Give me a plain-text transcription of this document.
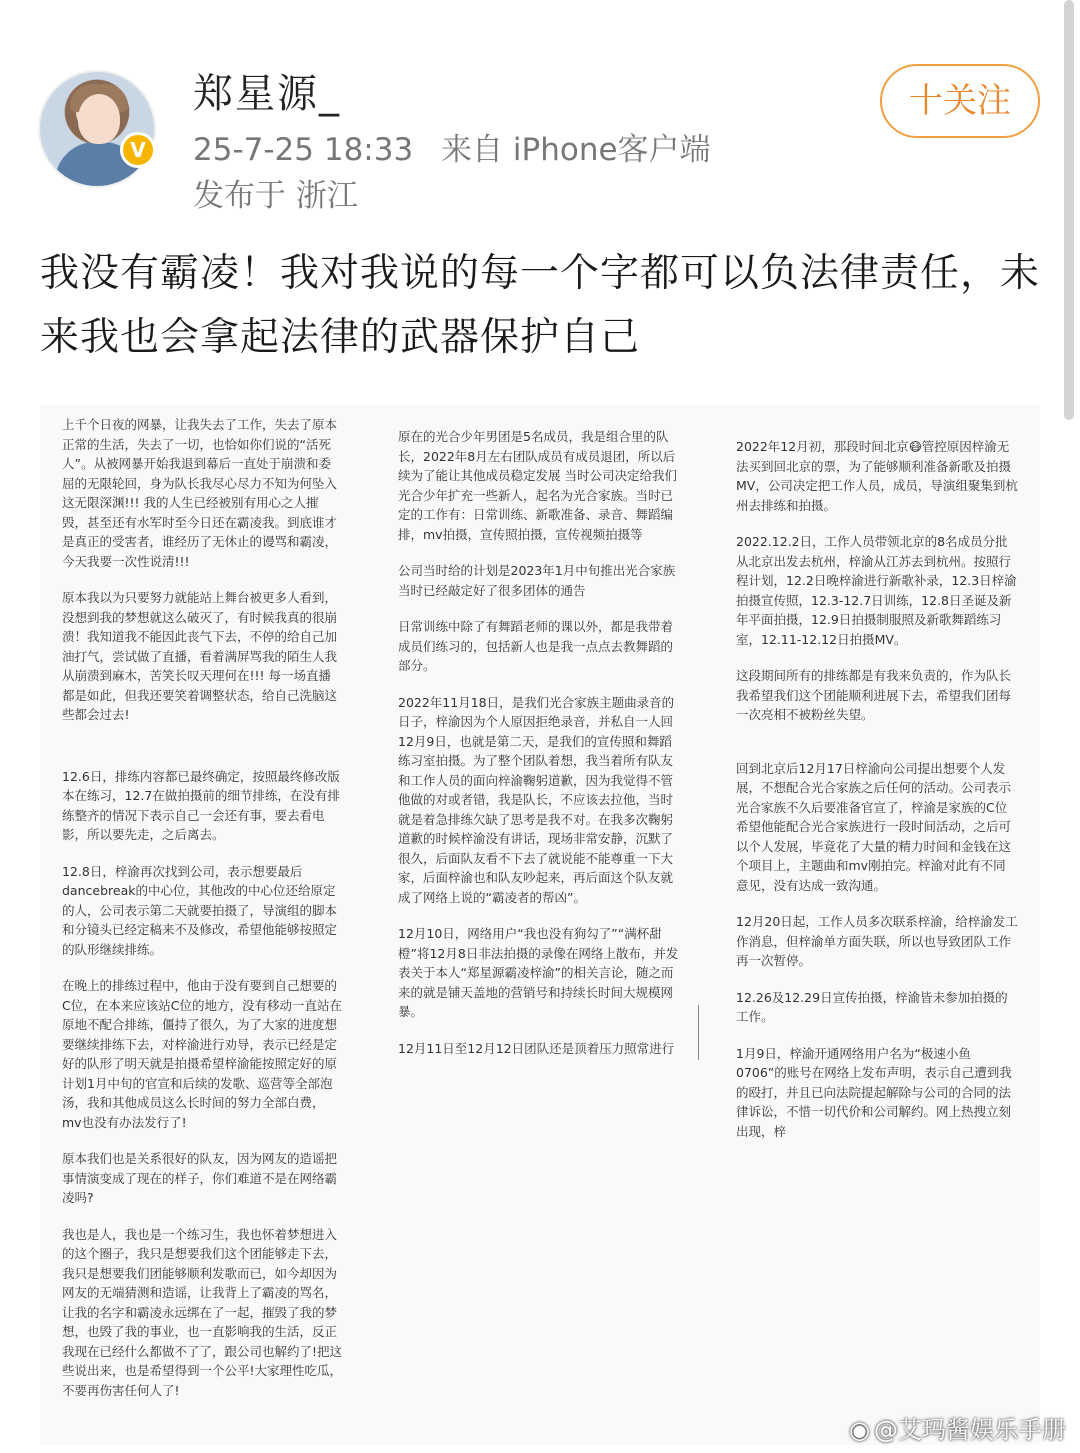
V
郑星源_
25-7-25 18:33 来自 iPhone客户端
发布于 浙江
十关注
我没有霸凌！我对我说的每一个字都可以负法律责任，未来我也会拿起法律的武器保护自己

上千个日夜的网暴，让我失去了工作，失去了原本正常的生活，失去了一切，也恰如你们说的“活死人”。从被网暴开始我退到幕后一直处于崩溃和委屈的无限轮回，身为队长我尽心尽力不知为何坠入这无限深渊!!! 我的人生已经被别有用心之人摧毁，甚至还有水军时至今日还在霸凌我。到底谁才是真正的受害者，谁经历了无休止的谩骂和霸凌，今天我要一次性说清!!!

原本我以为只要努力就能站上舞台被更多人看到，没想到我的梦想就这么破灭了，有时候我真的很崩溃！我知道我不能因此丧气下去，不停的给自己加油打气，尝试做了直播，看着满屏骂我的陌生人我从崩溃到麻木，苦笑长叹天理何在!!! 每一场直播都是如此，但我还要笑着调整状态，给自己洗脑这些都会过去!

12.6日，排练内容都已最终确定，按照最终修改版本在练习，12.7在做拍摄前的细节排练，在没有排练整齐的情况下表示自己一会还有事，要去看电影，所以要先走，之后离去。

12.8日，梓渝再次找到公司，表示想要最后dancebreak的中心位，其他改的中心位还给原定的人，公司表示第二天就要拍摄了，导演组的脚本和分镜头已经定稿来不及修改，希望他能够按照定的队形继续排练。

在晚上的排练过程中，他由于没有要到自己想要的C位，在本来应该站C位的地方，没有移动一直站在原地不配合排练，僵持了很久，为了大家的进度想要继续排练下去，对梓渝进行劝导，表示已经是定好的队形了明天就是拍摄希望梓渝能按照定好的原计划1月中旬的官宣和后续的发歌、巡营等全部泡汤，我和其他成员这么长时间的努力全部白费，mv也没有办法发行了!

原本我们也是关系很好的队友，因为网友的造谣把事情演变成了现在的样子，你们难道不是在网络霸凌吗?

我也是人，我也是一个练习生，我也怀着梦想进入的这个圈子，我只是想要我们这个团能够走下去，我只是想要我们团能够顺利发歌而已，如今却因为网友的无端猜测和造谣，让我背上了霸凌的骂名，让我的名字和霸凌永远绑在了一起，摧毁了我的梦想，也毁了我的事业，也一直影响我的生活，反正我现在已经什么都做不了了，跟公司也解约了!把这些说出来，也是希望得到一个公平!大家理性吃瓜，不要再伤害任何人了!

原在的光合少年男团是5名成员，我是组合里的队长，2022年8月左右团队成员有成员退团，所以后续为了能让其他成员稳定发展 当时公司决定给我们光合少年扩充一些新人，起名为光合家族。当时已定的工作有：日常训练、新歌准备、录音、舞蹈编排，mv拍摄，宣传照拍摄，宣传视频拍摄等

公司当时给的计划是2023年1月中旬推出光合家族当时已经敲定好了很多团体的通告

日常训练中除了有舞蹈老师的课以外，都是我带着成员们练习的，包括新人也是我一点点去教舞蹈的部分。

2022年11月18日，是我们光合家族主题曲录音的日子，梓渝因为个人原因拒绝录音，并私自一人回12月9日，也就是第二天，是我们的宣传照和舞蹈练习室拍摄。为了整个团队着想，我当着所有队友和工作人员的面向梓渝鞠躬道歉，因为我觉得不管他做的对或者错，我是队长，不应该去拉他，当时就是着急排练欠缺了思考是我不对。在我多次鞠躬道歉的时候梓渝没有讲话，现场非常安静，沉默了很久，后面队友看不下去了就说能不能尊重一下大家，后面梓渝也和队友吵起来，再后面这个队友就成了网络上说的“霸凌者的帮凶”。

12月10日，网络用户“我也没有狗勾了”“满杯甜橙”将12月8日非法拍摄的录像在网络上散布，并发表关于本人“郑星源霸凌梓渝”的相关言论，随之而来的就是铺天盖地的营销号和持续长时间大规模网暴。

12月11日至12月12日团队还是顶着压力照常进行

2022年12月初，那段时间北京😷管控原因梓渝无法买到回北京的票，为了能够顺利准备新歌及拍摄MV，公司决定把工作人员，成员，导演组聚集到杭州去排练和拍摄。

2022.12.2日，工作人员带领北京的8名成员分批从北京出发去杭州，梓渝从江苏去到杭州。按照行程计划，12.2日晚梓渝进行新歌补录，12.3日梓渝拍摄宣传照，12.3-12.7日训练，12.8日圣诞及新年平面拍摄，12.9日拍摄制服照及新歌舞蹈练习室，12.11-12.12日拍摄MV。

这段期间所有的排练都是有我来负责的，作为队长我希望我们这个团能顺利进展下去，希望我们团每一次亮相不被粉丝失望。

回到北京后12月17日梓渝向公司提出想要个人发展，不想配合光合家族之后任何的活动。公司表示光合家族不久后要准备官宣了，梓渝是家族的C位希望他能配合光合家族进行一段时间活动，之后可以个人发展，毕竟花了大量的精力时间和金钱在这个项目上，主题曲和mv刚拍完。梓渝对此有不同意见，没有达成一致沟通。

12月20日起，工作人员多次联系梓渝，给梓渝发工作消息，但梓渝单方面失联，所以也导致团队工作再一次暂停。

12.26及12.29日宣传拍摄，梓渝皆未参加拍摄的工作。

1月9日，梓渝开通网络用户名为“极速小鱼0706”的账号在网络上发布声明，表示自己遭到我的殴打，并且已向法院提起解除与公司的合同的法律诉讼，不惜一切代价和公司解约。网上热搜立刻出现，梓

◉ @艾玛酱娱乐手册
